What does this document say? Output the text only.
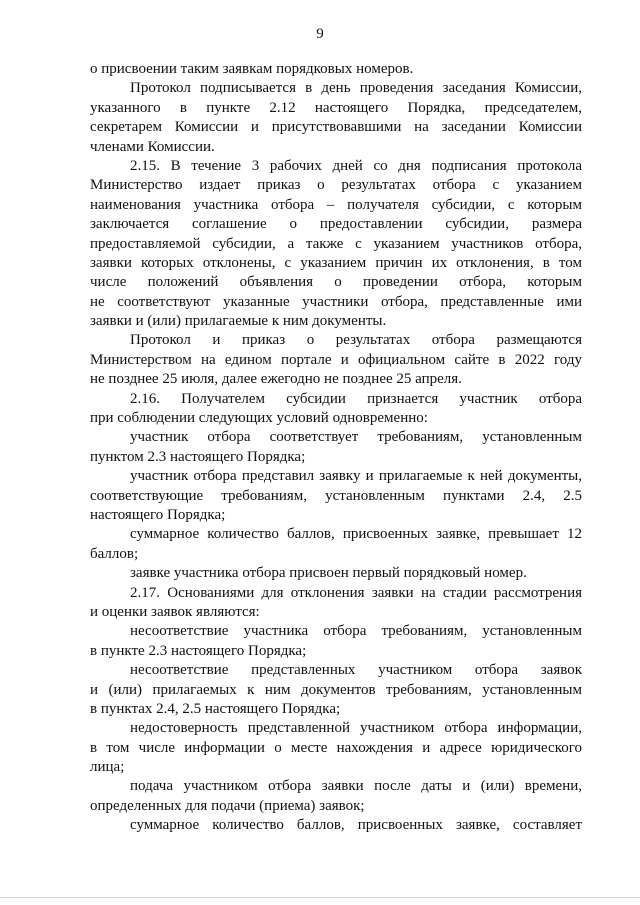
9
о присвоении таким заявкам порядковых номеров.
Протокол подписывается в день проведения заседания Комиссии,
указанного в пункте 2.12 настоящего Порядка, председателем,
секретарем Комиссии и присутствовавшими на заседании Комиссии
членами Комиссии.
2.15. В течение 3 рабочих дней со дня подписания протокола
Министерство издает приказ о результатах отбора с указанием
наименования участника отбора – получателя субсидии, с которым
заключается соглашение о предоставлении субсидии, размера
предоставляемой субсидии, а также с указанием участников отбора,
заявки которых отклонены, с указанием причин их отклонения, в том
числе положений объявления о проведении отбора, которым
не соответствуют указанные участники отбора, представленные ими
заявки и (или) прилагаемые к ним документы.
Протокол и приказ о результатах отбора размещаются
Министерством на едином портале и официальном сайте в 2022 году
не позднее 25 июля, далее ежегодно не позднее 25 апреля.
2.16. Получателем субсидии признается участник отбора
при соблюдении следующих условий одновременно:
участник отбора соответствует требованиям, установленным
пунктом 2.3 настоящего Порядка;
участник отбора представил заявку и прилагаемые к ней документы,
соответствующие требованиям, установленным пунктами 2.4, 2.5
настоящего Порядка;
суммарное количество баллов, присвоенных заявке, превышает 12
баллов;
заявке участника отбора присвоен первый порядковый номер.
2.17. Основаниями для отклонения заявки на стадии рассмотрения
и оценки заявок являются:
несоответствие участника отбора требованиям, установленным
в пункте 2.3 настоящего Порядка;
несоответствие представленных участником отбора заявок
и (или) прилагаемых к ним документов требованиям, установленным
в пунктах 2.4, 2.5 настоящего Порядка;
недостоверность представленной участником отбора информации,
в том числе информации о месте нахождения и адресе юридического
лица;
подача участником отбора заявки после даты и (или) времени,
определенных для подачи (приема) заявок;
суммарное количество баллов, присвоенных заявке, составляет
